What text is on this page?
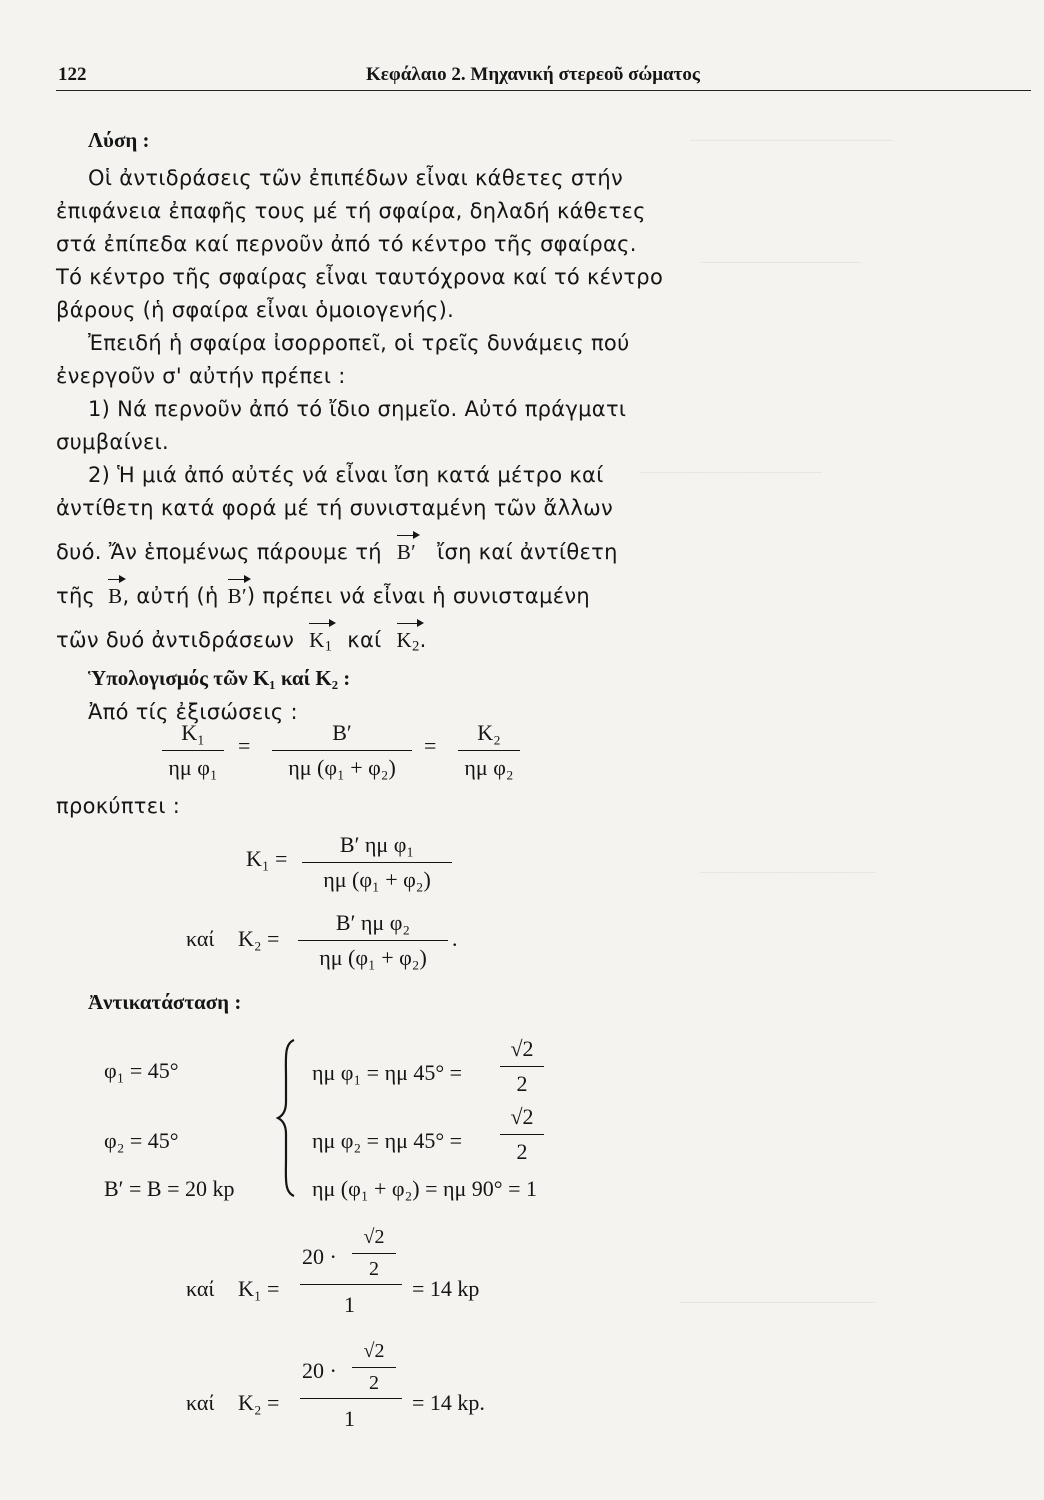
_____________________________
_______________________
__________________________
_________________________
____________________________
122	Κεφάλαιο 2. Μηχανική στερεοῦ σώματος
Λύση :
Οἱ ἀντιδράσεις τῶν ἐπιπέδων εἶναι κάθετες στήν
ἐπιφάνεια ἐπαφῆς τους μέ τή σφαίρα, δηλαδή κάθετες
στά ἐπίπεδα καί περνοῦν ἀπό τό κέντρο τῆς σφαίρας.
Τό κέντρο τῆς σφαίρας εἶναι ταυτόχρονα καί τό κέντρο
βάρους (ἡ σφαίρα εἶναι ὁμοιογενής).
Ἐπειδή ἡ σφαίρα ἰσορροπεῖ, οἱ τρεῖς δυνάμεις πού
ἐνεργοῦν σ' αὐτήν πρέπει :
1) Νά περνοῦν ἀπό τό ἴδιο σημεῖο. Αὐτό πράγματι
συμβαίνει.
2) Ἡ μιά ἀπό αὐτές νά εἶναι ἴση κατά μέτρο καί
ἀντίθετη κατά φορά μέ τή συνισταμένη τῶν ἄλλων
δυό. Ἄν ἑπομένως πάρουμε τή B′ ἴση καί ἀντίθετη
τῆς B, αὐτή (ἡ B′) πρέπει νά εἶναι ἡ συνισταμένη
τῶν δυό ἀντιδράσεων $K_1$ καί $K_2$.
Ὑπολογισμός τῶν K₁ καί K₂ :
Ἀπό τίς ἐξισώσεις :
K₁
ημ φ₁
=
B′
ημ (φ₁ + φ₂)
=
K₂
ημ φ₂
προκύπτει :
K₁ =
B′ ημ φ₁
ημ (φ₁ + φ₂)
καί K₂ =
B′ ημ φ₂
ημ (φ₁ + φ₂)
.
Ἀντικατάσταση :
φ₁ = 45°
φ₂ = 45°
B′ = B = 20 kp
ημ φ₁ = ημ 45° =
√2
2
ημ φ₂ = ημ 45° =
√2
2
ημ (φ₁ + φ₂) = ημ 90° = 1
καί K₁ =
20 ·
√2
2
1
= 14 kp
καί K₂ =
20 ·
√2
2
1
= 14 kp.
